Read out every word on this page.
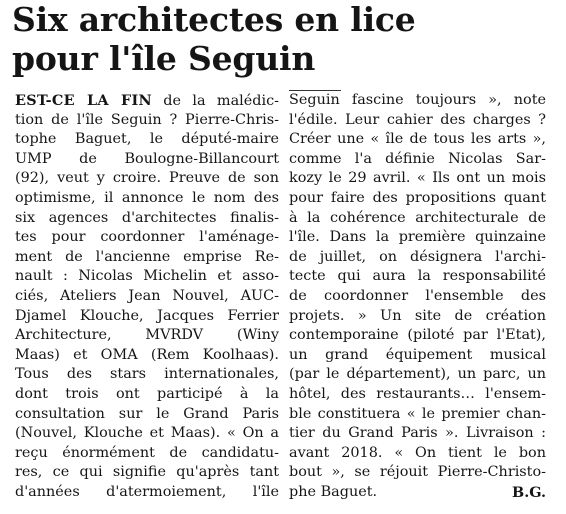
Six architectes en lice
pour l'île Seguin
EST-CE LA FIN de la malédic-
tion de l'île Seguin ? Pierre-Chris-
tophe Baguet, le député-maire
UMP de Boulogne-Billancourt
(92), veut y croire. Preuve de son
optimisme, il annonce le nom des
six agences d'architectes finalis-
tes pour coordonner l'aménage-
ment de l'ancienne emprise Re-
nault : Nicolas Michelin et asso-
ciés, Ateliers Jean Nouvel, AUC-
Djamel Klouche, Jacques Ferrier
Architecture, MVRDV (Winy
Maas) et OMA (Rem Koolhaas).
Tous des stars internationales,
dont trois ont participé à la
consultation sur le Grand Paris
(Nouvel, Klouche et Maas). « On a
reçu énormément de candidatu-
res, ce qui signifie qu'après tant
d'années d'atermoiement, l'île
Seguin fascine toujours », note
l'édile. Leur cahier des charges ?
Créer une « île de tous les arts »,
comme l'a définie Nicolas Sar-
kozy le 29 avril. « Ils ont un mois
pour faire des propositions quant
à la cohérence architecturale de
l'île. Dans la première quinzaine
de juillet, on désignera l'archi-
tecte qui aura la responsabilité
de coordonner l'ensemble des
projets. » Un site de création
contemporaine (piloté par l'Etat),
un grand équipement musical
(par le département), un parc, un
hôtel, des restaurants… l'ensem-
ble constituera « le premier chan-
tier du Grand Paris ». Livraison :
avant 2018. « On tient le bon
bout », se réjouit Pierre-Christo-
phe Baguet.	B.G.
